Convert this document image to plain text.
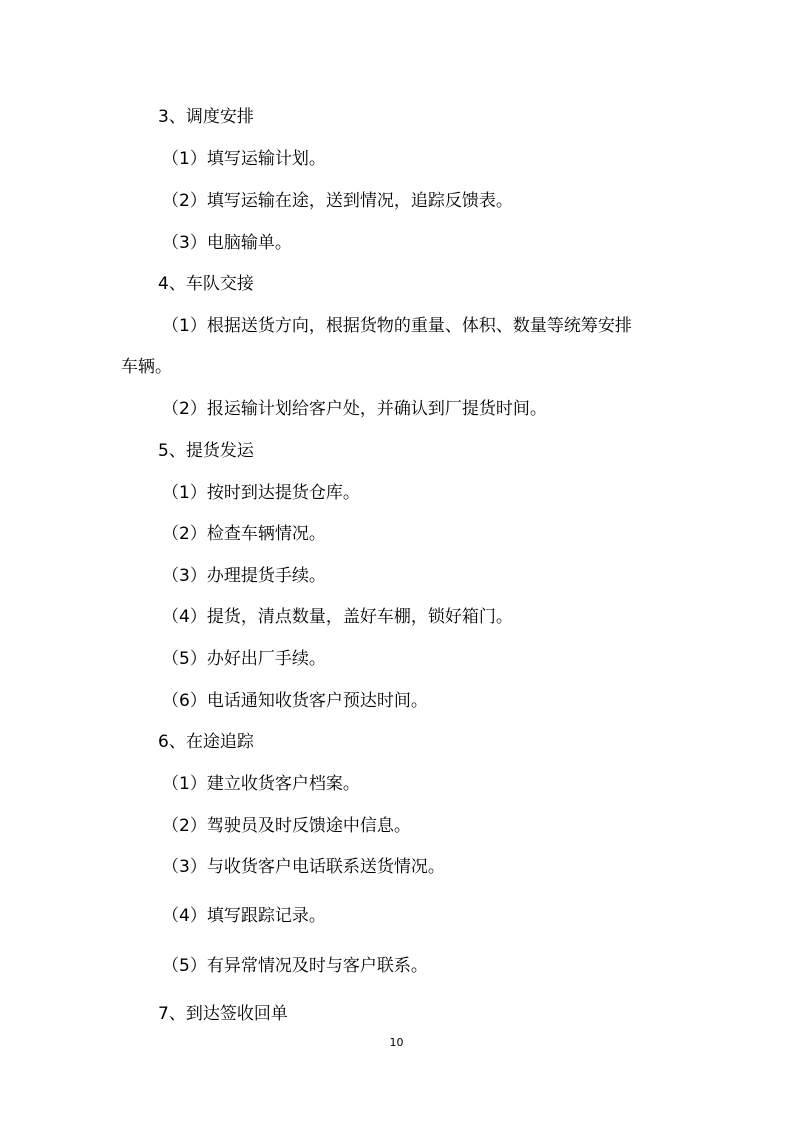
3、调度安排
（1）填写运输计划。
（2）填写运输在途，送到情况，追踪反馈表。
（3）电脑输单。
4、车队交接
（1）根据送货方向，根据货物的重量、体积、数量等统筹安排
车辆。
（2）报运输计划给客户处，并确认到厂提货时间。
5、提货发运
（1）按时到达提货仓库。
（2）检查车辆情况。
（3）办理提货手续。
（4）提货，清点数量，盖好车棚，锁好箱门。
（5）办好出厂手续。
（6）电话通知收货客户预达时间。
6、在途追踪
（1）建立收货客户档案。
（2）驾驶员及时反馈途中信息。
（3）与收货客户电话联系送货情况。
（4）填写跟踪记录。
（5）有异常情况及时与客户联系。
7、到达签收回单
10
